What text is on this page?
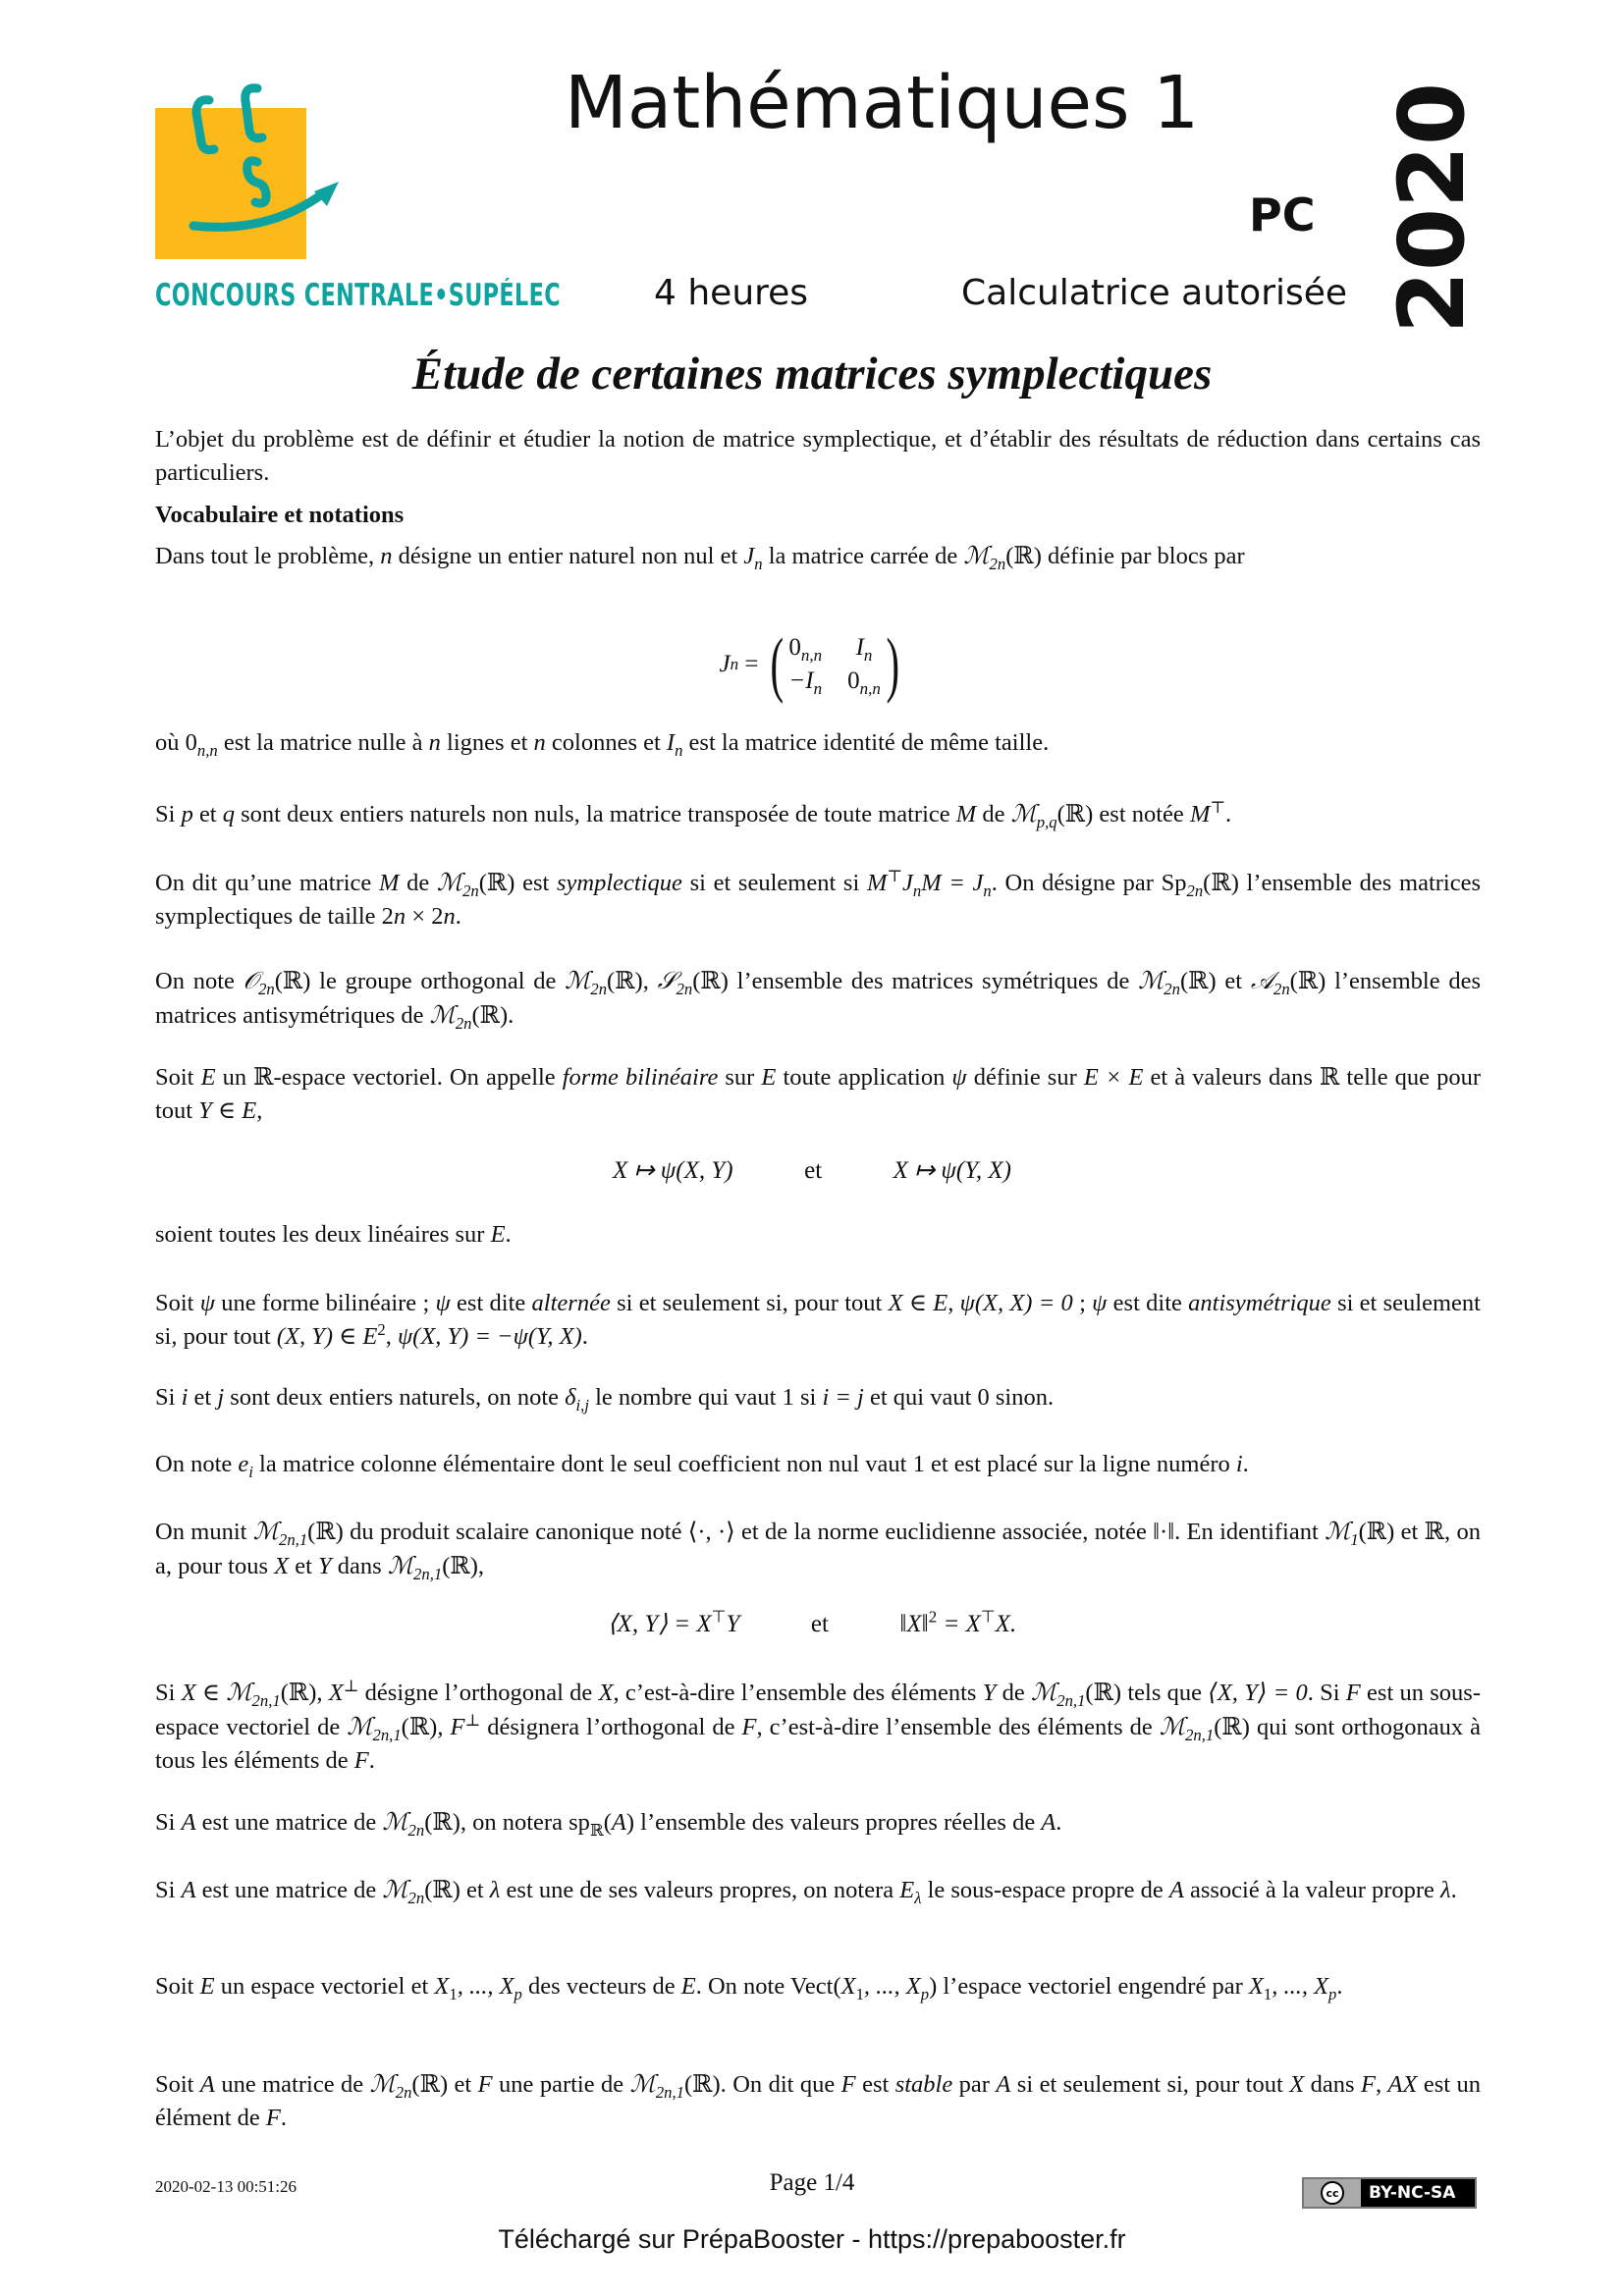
CONCOURS CENTRALE•SUPÉLEC
Mathématiques 1
PC 2020
4 heures	Calculatrice autorisée
Étude de certaines matrices symplectiques

L’objet du problème est de définir et étudier la notion de matrice symplectique, et d’établir des résultats de réduction dans certains cas particuliers.

Vocabulaire et notations
Dans tout le problème, n désigne un entier naturel non nul et $J_n$ la matrice carrée de ℳ$_{2n}$(ℝ) définie par blocs par
J n = ( $0_{n,n}$	$I_n$
$-I_n$ $0_{n,n}$ )
où $0_{n,n}$ est la matrice nulle à n lignes et n colonnes et $I_n$ est la matrice identité de même taille.
Si p et q sont deux entiers naturels non nuls, la matrice transposée de toute matrice M de ℳ$_{p,q}$(ℝ) est notée M⊤.
On dit qu’une matrice M de ℳ$_{2n}$(ℝ) est symplectique si et seulement si $M^⊤J_nM = J_n$. On désigne par $Sp_{2n}(ℝ)$ l’ensemble des matrices symplectiques de taille 2n × 2n.
On note 𝒪$_{2n}$(ℝ) le groupe orthogonal de ℳ$_{2n}$(ℝ), 𝒮$_{2n}$(ℝ) l’ensemble des matrices symétriques de ℳ$_{2n}$(ℝ) et 𝒜$_{2n}$(ℝ) l’ensemble des matrices antisymétriques de ℳ$_{2n}$(ℝ).
Soit E un ℝ-espace vectoriel. On appelle forme bilinéaire sur E toute application ψ définie sur E × E et à valeurs dans ℝ telle que pour tout Y ∈ E,
X ↦ ψ(X, Y)	et	X ↦ ψ(Y, X)
soient toutes les deux linéaires sur E.
Soit ψ une forme bilinéaire ; ψ est dite alternée si et seulement si, pour tout X ∈ E, ψ(X, X) = 0 ; ψ est dite antisymétrique si et seulement si, pour tout (X, Y) ∈ $E^2$, ψ(X, Y) = −ψ(Y, X).
Si i et j sont deux entiers naturels, on note $\delta_{i,j}$ le nombre qui vaut 1 si i = j et qui vaut 0 sinon.
On note $e_i$ la matrice colonne élémentaire dont le seul coefficient non nul vaut 1 et est placé sur la ligne numéro i.
On munit ℳ$_{2n,1}$(ℝ) du produit scalaire canonique noté ⟨·, ·⟩ et de la norme euclidienne associée, notée ‖·‖. En identifiant ℳ$_1$(ℝ) et ℝ, on a, pour tous X et Y dans ℳ$_{2n,1}$(ℝ),
⟨X, Y⟩ = X⊤Y	et	‖X‖$^2$ = X⊤X.
Si X ∈ ℳ$_{2n,1}$(ℝ), X⊥ désigne l’orthogonal de X, c’est-à-dire l’ensemble des éléments Y de ℳ$_{2n,1}$(ℝ) tels que ⟨X, Y⟩ = 0. Si F est un sous-espace vectoriel de ℳ$_{2n,1}$(ℝ), F⊥ désignera l’orthogonal de F, c’est-à-dire l’ensemble des éléments de ℳ$_{2n,1}$(ℝ) qui sont orthogonaux à tous les éléments de F.
Si A est une matrice de ℳ$_{2n}$(ℝ), on notera $sp_ℝ(A)$ l’ensemble des valeurs propres réelles de A.
Si A est une matrice de ℳ$_{2n}$(ℝ) et λ est une de ses valeurs propres, on notera $E_\lambda$ le sous-espace propre de A associé à la valeur propre λ.
Soit E un espace vectoriel et $X_1$, ..., $X_p$ des vecteurs de E. On note $Vect(X_1$, ..., $X_p$) l’espace vectoriel engendré par $X_1$, ..., $X_p$.
Soit A une matrice de ℳ$_{2n}$(ℝ) et F une partie de ℳ$_{2n,1}$(ℝ). On dit que F est stable par A si et seulement si, pour tout X dans F, AX est un élément de F.
2020-02-13 00:51:26	Page 1/4	cc	BY-NC-SA
Téléchargé sur PrépaBooster - https://prepabooster.fr
